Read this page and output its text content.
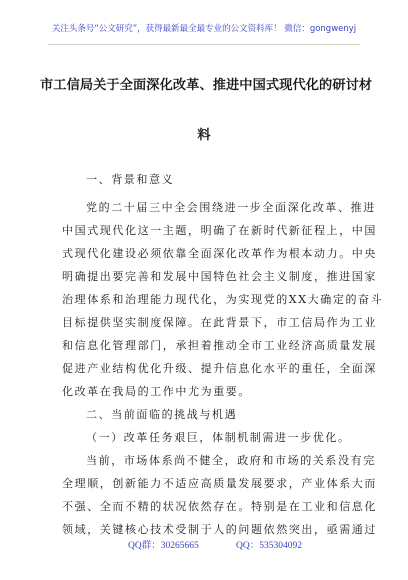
关注头条号“公文研究”，获得最新最全最专业的公文资料库！ 微信：gongwenyj
市工信局关于全面深化改革、推进中国式现代化的研讨材
料
一、背景和意义
党的二十届三中全会围绕进一步全面深化改革、推进
中国式现代化这一主题，明确了在新时代新征程上，中国
式现代化建设必须依靠全面深化改革作为根本动力。中央
明确提出要完善和发展中国特色社会主义制度，推进国家
治理体系和治理能力现代化，为实现党的XX大确定的奋斗
目标提供坚实制度保障。在此背景下，市工信局作为工业
和信息化管理部门，承担着推动全市工业经济高质量发展
促进产业结构优化升级、提升信息化水平的重任，全面深
化改革在我局的工作中尤为重要。
二、当前面临的挑战与机遇
（一）改革任务艰巨，体制机制需进一步优化。
当前，市场体系尚不健全，政府和市场的关系没有完
全理顺，创新能力不适应高质量发展要求，产业体系大而
不强、全而不精的状况依然存在。特别是在工业和信息化
领域，关键核心技术受制于人的问题依然突出，亟需通过
QQ群：30265665	QQ：535304092
